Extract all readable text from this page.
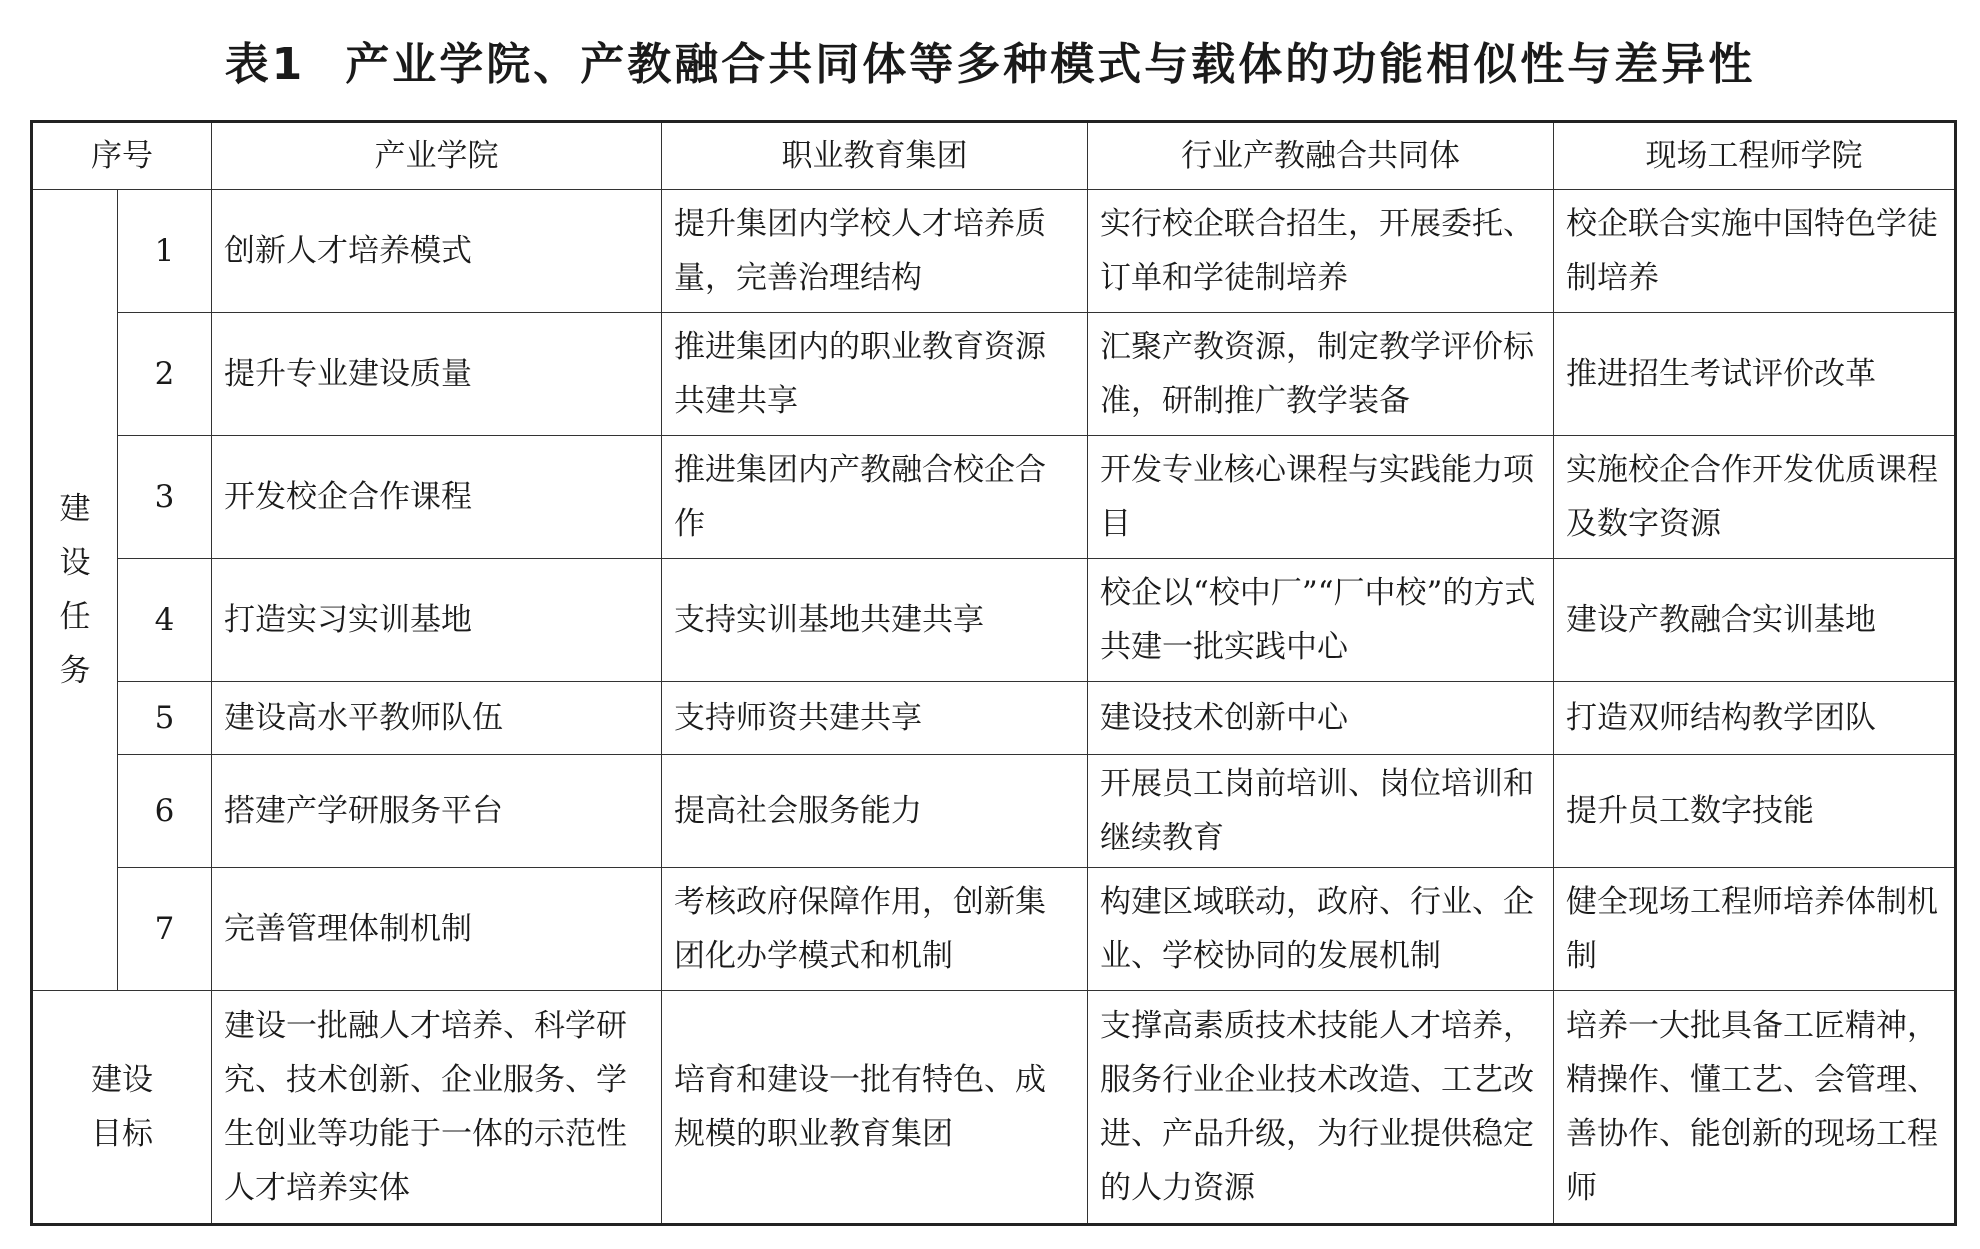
表1 产业学院、产教融合共同体等多种模式与载体的功能相似性与差异性
序号		产业学院	职业教育集团	行业产教融合共同体	现场工程师学院

建
设
任
务	1	创新人才培养模式	提升集团内学校人才培养质量，完善治理结构	实行校企联合招生，开展委托、订单和学徒制培养	校企联合实施中国特色学徒制培养
	2	提升专业建设质量	推进集团内的职业教育资源共建共享	汇聚产教资源，制定教学评价标准，研制推广教学装备	推进招生考试评价改革
	3	开发校企合作课程	推进集团内产教融合校企合作	开发专业核心课程与实践能力项目	实施校企合作开发优质课程及数字资源
	4	打造实习实训基地	支持实训基地共建共享	校企以“校中厂”“厂中校”的方式共建一批实践中心	建设产教融合实训基地
	5	建设高水平教师队伍	支持师资共建共享	建设技术创新中心	打造双师结构教学团队
	6	搭建产学研服务平台	提高社会服务能力	开展员工岗前培训、岗位培训和继续教育	提升员工数字技能
	7	完善管理体制机制	考核政府保障作用，创新集团化办学模式和机制	构建区域联动，政府、行业、企业、学校协同的发展机制	健全现场工程师培养体制机制

建设
目标		建设一批融人才培养、科学研究、技术创新、企业服务、学生创业等功能于一体的示范性人才培养实体	培育和建设一批有特色、成规模的职业教育集团	支撑高素质技术技能人才培养，服务行业企业技术改造、工艺改进、产品升级，为行业提供稳定的人力资源	培养一大批具备工匠精神，精操作、懂工艺、会管理、善协作、能创新的现场工程师
